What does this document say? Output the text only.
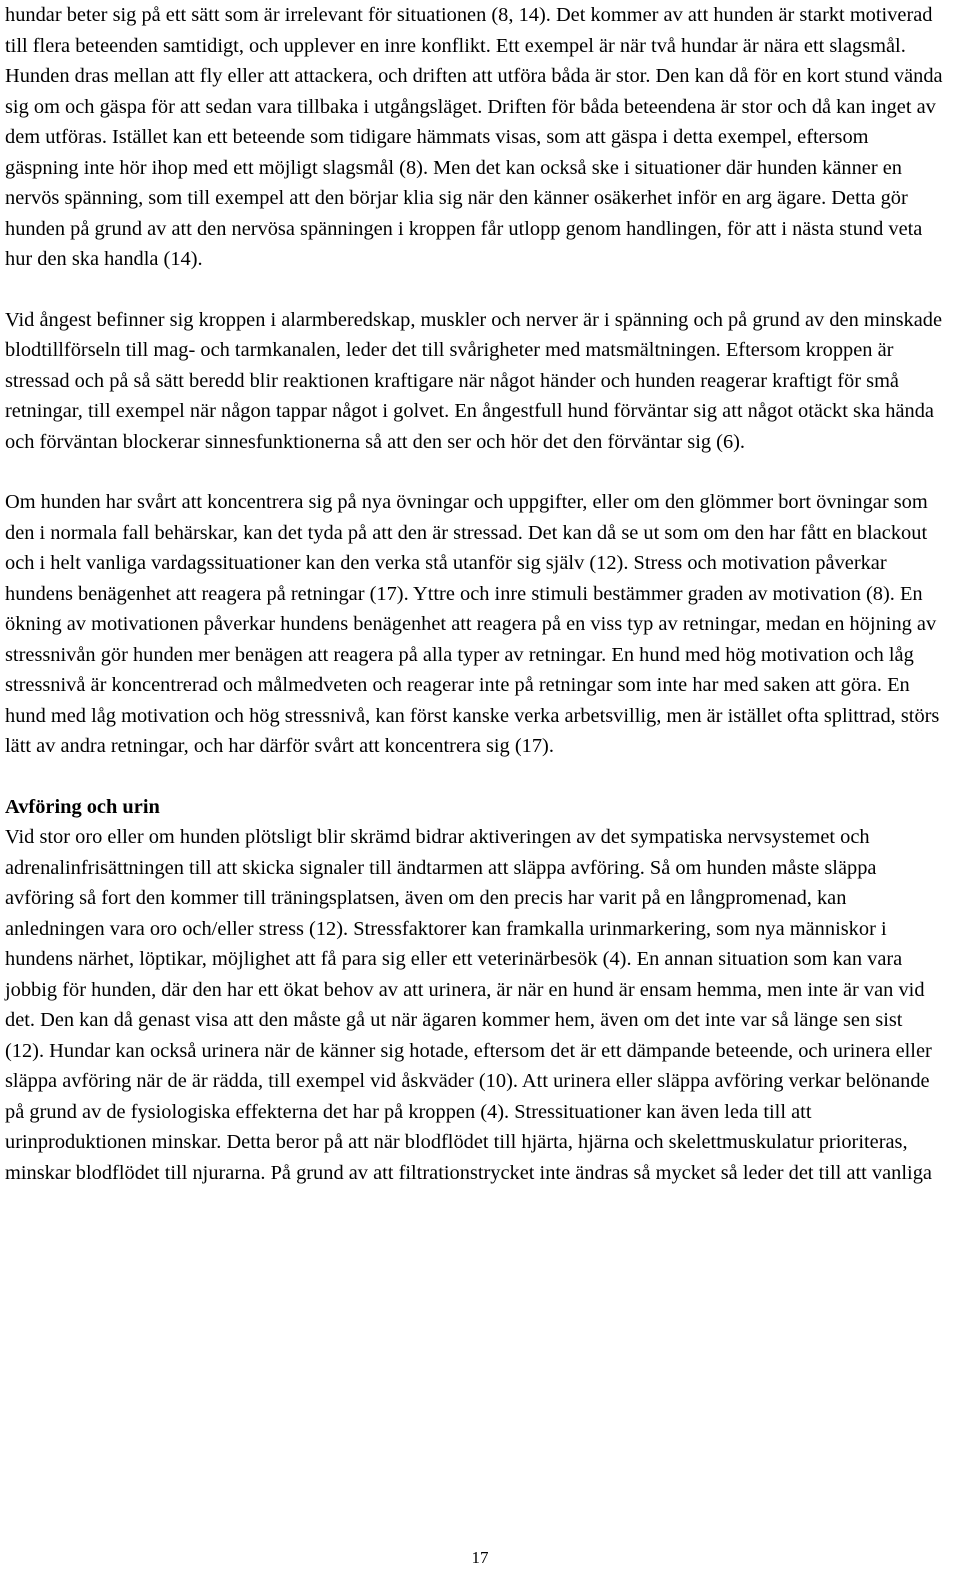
hundar beter sig på ett sätt som är irrelevant för situationen (8, 14). Det kommer av att hunden är starkt motiverad till flera beteenden samtidigt, och upplever en inre konflikt. Ett exempel är när två hundar är nära ett slagsmål. Hunden dras mellan att fly eller att attackera, och driften att utföra båda är stor. Den kan då för en kort stund vända sig om och gäspa för att sedan vara tillbaka i utgångsläget. Driften för båda beteendena är stor och då kan inget av dem utföras. Istället kan ett beteende som tidigare hämmats visas, som att gäspa i detta exempel, eftersom gäspning inte hör ihop med ett möjligt slagsmål (8). Men det kan också ske i situationer där hunden känner en nervös spänning, som till exempel att den börjar klia sig när den känner osäkerhet inför en arg ägare. Detta gör hunden på grund av att den nervösa spänningen i kroppen får utlopp genom handlingen, för att i nästa stund veta hur den ska handla (14).

Vid ångest befinner sig kroppen i alarmberedskap, muskler och nerver är i spänning och på grund av den minskade blodtillförseln till mag- och tarmkanalen, leder det till svårigheter med matsmältningen. Eftersom kroppen är stressad och på så sätt beredd blir reaktionen kraftigare när något händer och hunden reagerar kraftigt för små retningar, till exempel när någon tappar något i golvet. En ångestfull hund förväntar sig att något otäckt ska hända och förväntan blockerar sinnesfunktionerna så att den ser och hör det den förväntar sig (6).

Om hunden har svårt att koncentrera sig på nya övningar och uppgifter, eller om den glömmer bort övningar som den i normala fall behärskar, kan det tyda på att den är stressad. Det kan då se ut som om den har fått en blackout och i helt vanliga vardagssituationer kan den verka stå utanför sig själv (12). Stress och motivation påverkar hundens benägenhet att reagera på retningar (17). Yttre och inre stimuli bestämmer graden av motivation (8). En ökning av motivationen påverkar hundens benägenhet att reagera på en viss typ av retningar, medan en höjning av stressnivån gör hunden mer benägen att reagera på alla typer av retningar. En hund med hög motivation och låg stressnivå är koncentrerad och målmedveten och reagerar inte på retningar som inte har med saken att göra. En hund med låg motivation och hög stressnivå, kan först kanske verka arbetsvillig, men är istället ofta splittrad, störs lätt av andra retningar, och har därför svårt att koncentrera sig (17).

Avföring och urin

Vid stor oro eller om hunden plötsligt blir skrämd bidrar aktiveringen av det sympatiska nervsystemet och adrenalinfrisättningen till att skicka signaler till ändtarmen att släppa avföring. Så om hunden måste släppa avföring så fort den kommer till träningsplatsen, även om den precis har varit på en långpromenad, kan anledningen vara oro och/eller stress (12). Stressfaktorer kan framkalla urinmarkering, som nya människor i hundens närhet, löptikar, möjlighet att få para sig eller ett veterinärbesök (4). En annan situation som kan vara jobbig för hunden, där den har ett ökat behov av att urinera, är när en hund är ensam hemma, men inte är van vid det. Den kan då genast visa att den måste gå ut när ägaren kommer hem, även om det inte var så länge sen sist (12). Hundar kan också urinera när de känner sig hotade, eftersom det är ett dämpande beteende, och urinera eller släppa avföring när de är rädda, till exempel vid åskväder (10). Att urinera eller släppa avföring verkar belönande på grund av de fysiologiska effekterna det har på kroppen (4). Stressituationer kan även leda till att urinproduktionen minskar. Detta beror på att när blodflödet till hjärta, hjärna och skelettmuskulatur prioriteras, minskar blodflödet till njurarna. På grund av att filtrationstrycket inte ändras så mycket så leder det till att vanliga

17
